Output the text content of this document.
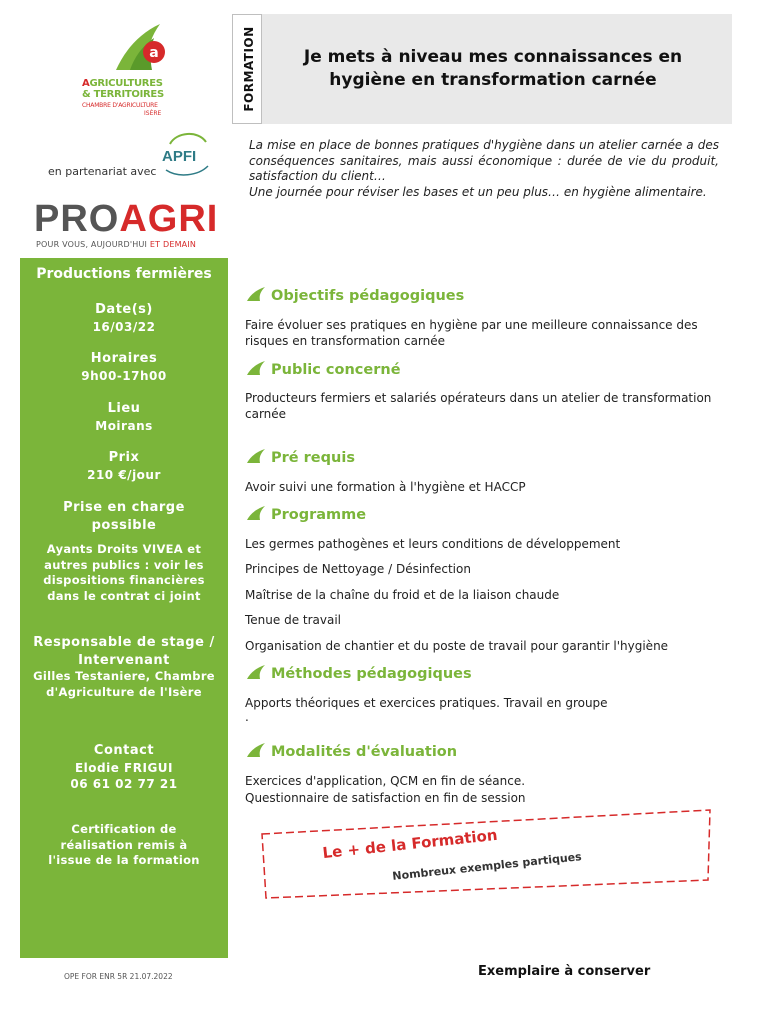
a
AGRICULTURES
& TERRITOIRES
CHAMBRE D'AGRICULTURE
ISÈRE
en partenariat avec
APFI
PROAGRI
POUR VOUS, AUJOURD'HUI ET DEMAIN
FORMATION	Je mets à niveau mes connaissances en hygiène en transformation carnée

La mise en place de bonnes pratiques d'hygiène dans un atelier carnée a des conséquences sanitaires, mais aussi économique : durée de vie du produit, satisfaction du client…

Une journée pour réviser les bases et un peu plus… en hygiène alimentaire.

Productions fermières
Date(s)
16/03/22
Horaires
9h00-17h00
Lieu
Moirans
Prix
210 €/jour
Prise en charge possible
Ayants Droits VIVEA et autres publics : voir les dispositions financières dans le contrat ci joint
Responsable de stage / Intervenant
Gilles Testaniere, Chambre d'Agriculture de l'Isère
Contact
Elodie FRIGUI
06 61 02 77 21
Certification de réalisation remis à l'issue de la formation
Objectifs pédagogiques
Faire évoluer ses pratiques en hygiène par une meilleure connaissance des risques en transformation carnée
Public concerné
Producteurs fermiers et salariés opérateurs dans un atelier de transformation carnée
Pré requis
Avoir suivi une formation à l'hygiène et HACCP
Programme
Les germes pathogènes et leurs conditions de développement
Principes de Nettoyage / Désinfection
Maîtrise de la chaîne du froid et de la liaison chaude
Tenue de travail
Organisation de chantier et du poste de travail pour garantir l'hygiène
Méthodes pédagogiques
Apports théoriques et exercices pratiques. Travail en groupe
.
Modalités d'évaluation
Exercices d'application, QCM en fin de séance.
Questionnaire de satisfaction en fin de session
Le + de la Formation
Nombreux exemples partiques
OPE FOR ENR 5R 21.07.2022	Exemplaire à conserver
